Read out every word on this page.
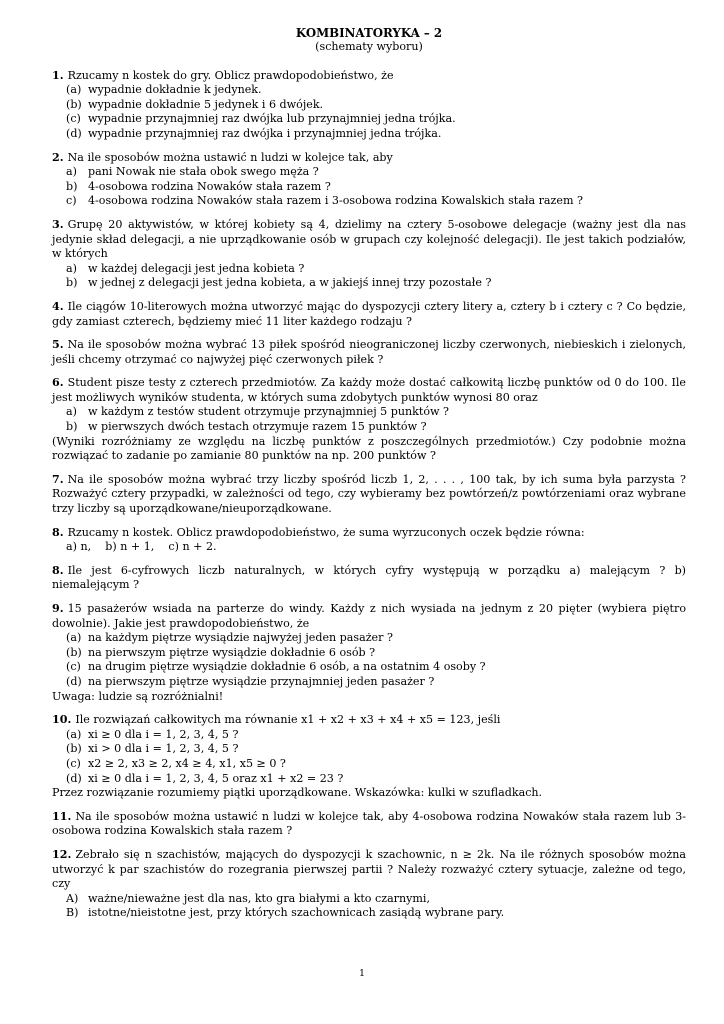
KOMBINATORYKA – 2
(schematy wyboru)
1. Rzucamy n kostek do gry. Oblicz prawdopodobieństwo, że
(a) wypadnie dokładnie k jedynek.
(b) wypadnie dokładnie 5 jedynek i 6 dwójek.
(c) wypadnie przynajmniej raz dwójka lub przynajmniej jedna trójka.
(d) wypadnie przynajmniej raz dwójka i przynajmniej jedna trójka.
2. Na ile sposobów można ustawić n ludzi w kolejce tak, aby
a) pani Nowak nie stała obok swego męża ?
b) 4-osobowa rodzina Nowaków stała razem ?
c) 4-osobowa rodzina Nowaków stała razem i 3-osobowa rodzina Kowalskich stała razem ?
3. Grupę 20 aktywistów, w której kobiety są 4, dzielimy na cztery 5-osobowe delegacje (ważny jest dla nas jedynie skład delegacji, a nie uprządkowanie osób w grupach czy kolejność delegacji). Ile jest takich podziałów, w których
a) w każdej delegacji jest jedna kobieta ?
b) w jednej z delegacji jest jedna kobieta, a w jakiejś innej trzy pozostałe ?
4. Ile ciągów 10-literowych można utworzyć mając do dyspozycji cztery litery a, cztery b i cztery c ? Co będzie, gdy zamiast czterech, będziemy mieć 11 liter każdego rodzaju ?
5. Na ile sposobów można wybrać 13 piłek spośród nieograniczonej liczby czerwonych, niebieskich i zielonych, jeśli chcemy otrzymać co najwyżej pięć czerwonych piłek ?
6. Student pisze testy z czterech przedmiotów. Za każdy może dostać całkowitą liczbę punktów od 0 do 100. Ile jest możliwych wyników studenta, w których suma zdobytych punktów wynosi 80 oraz
a) w każdym z testów student otrzymuje przynajmniej 5 punktów ?
b) w pierwszych dwóch testach otrzymuje razem 15 punktów ?
(Wyniki rozróżniamy ze względu na liczbę punktów z poszczególnych przedmiotów.) Czy podobnie można rozwiązać to zadanie po zamianie 80 punktów na np. 200 punktów ?
7. Na ile sposobów można wybrać trzy liczby spośród liczb 1, 2, . . . , 100 tak, by ich suma była parzysta ? Rozważyć cztery przypadki, w zależności od tego, czy wybieramy bez powtórzeń/z powtórzeniami oraz wybrane trzy liczby są uporządkowane/nieuporządkowane.
8. Rzucamy n kostek. Oblicz prawdopodobieństwo, że suma wyrzuconych oczek będzie równa:
a) n,    b) n + 1,    c) n + 2.
8. Ile jest 6-cyfrowych liczb naturalnych, w których cyfry występują w porządku a) malejącym ? b) niemalejącym ?
9. 15 pasażerów wsiada na parterze do windy. Każdy z nich wysiada na jednym z 20 pięter (wybiera piętro dowolnie). Jakie jest prawdopodobieństwo, że
(a) na każdym piętrze wysiądzie najwyżej jeden pasażer ?
(b) na pierwszym piętrze wysiądzie dokładnie 6 osób ?
(c) na drugim piętrze wysiądzie dokładnie 6 osób, a na ostatnim 4 osoby ?
(d) na pierwszym piętrze wysiądzie przynajmniej jeden pasażer ?
Uwaga: ludzie są rozróżnialni!
10. Ile rozwiązań całkowitych ma równanie x1 + x2 + x3 + x4 + x5 = 123, jeśli
(a) xi ≥ 0 dla i = 1, 2, 3, 4, 5 ?
(b) xi > 0 dla i = 1, 2, 3, 4, 5 ?
(c) x2 ≥ 2, x3 ≥ 2, x4 ≥ 4, x1, x5 ≥ 0 ?
(d) xi ≥ 0 dla i = 1, 2, 3, 4, 5 oraz x1 + x2 = 23 ?
Przez rozwiązanie rozumiemy piątki uporządkowane. Wskazówka: kulki w szufladkach.
11. Na ile sposobów można ustawić n ludzi w kolejce tak, aby 4-osobowa rodzina Nowaków stała razem lub 3-osobowa rodzina Kowalskich stała razem ?
12. Zebrało się n szachistów, mających do dyspozycji k szachownic, n ≥ 2k. Na ile różnych sposobów można utworzyć k par szachistów do rozegrania pierwszej partii ? Należy rozważyć cztery sytuacje, zależne od tego, czy
A) ważne/nieważne jest dla nas, kto gra białymi a kto czarnymi,
B) istotne/nieistotne jest, przy których szachownicach zasiądą wybrane pary.
1
